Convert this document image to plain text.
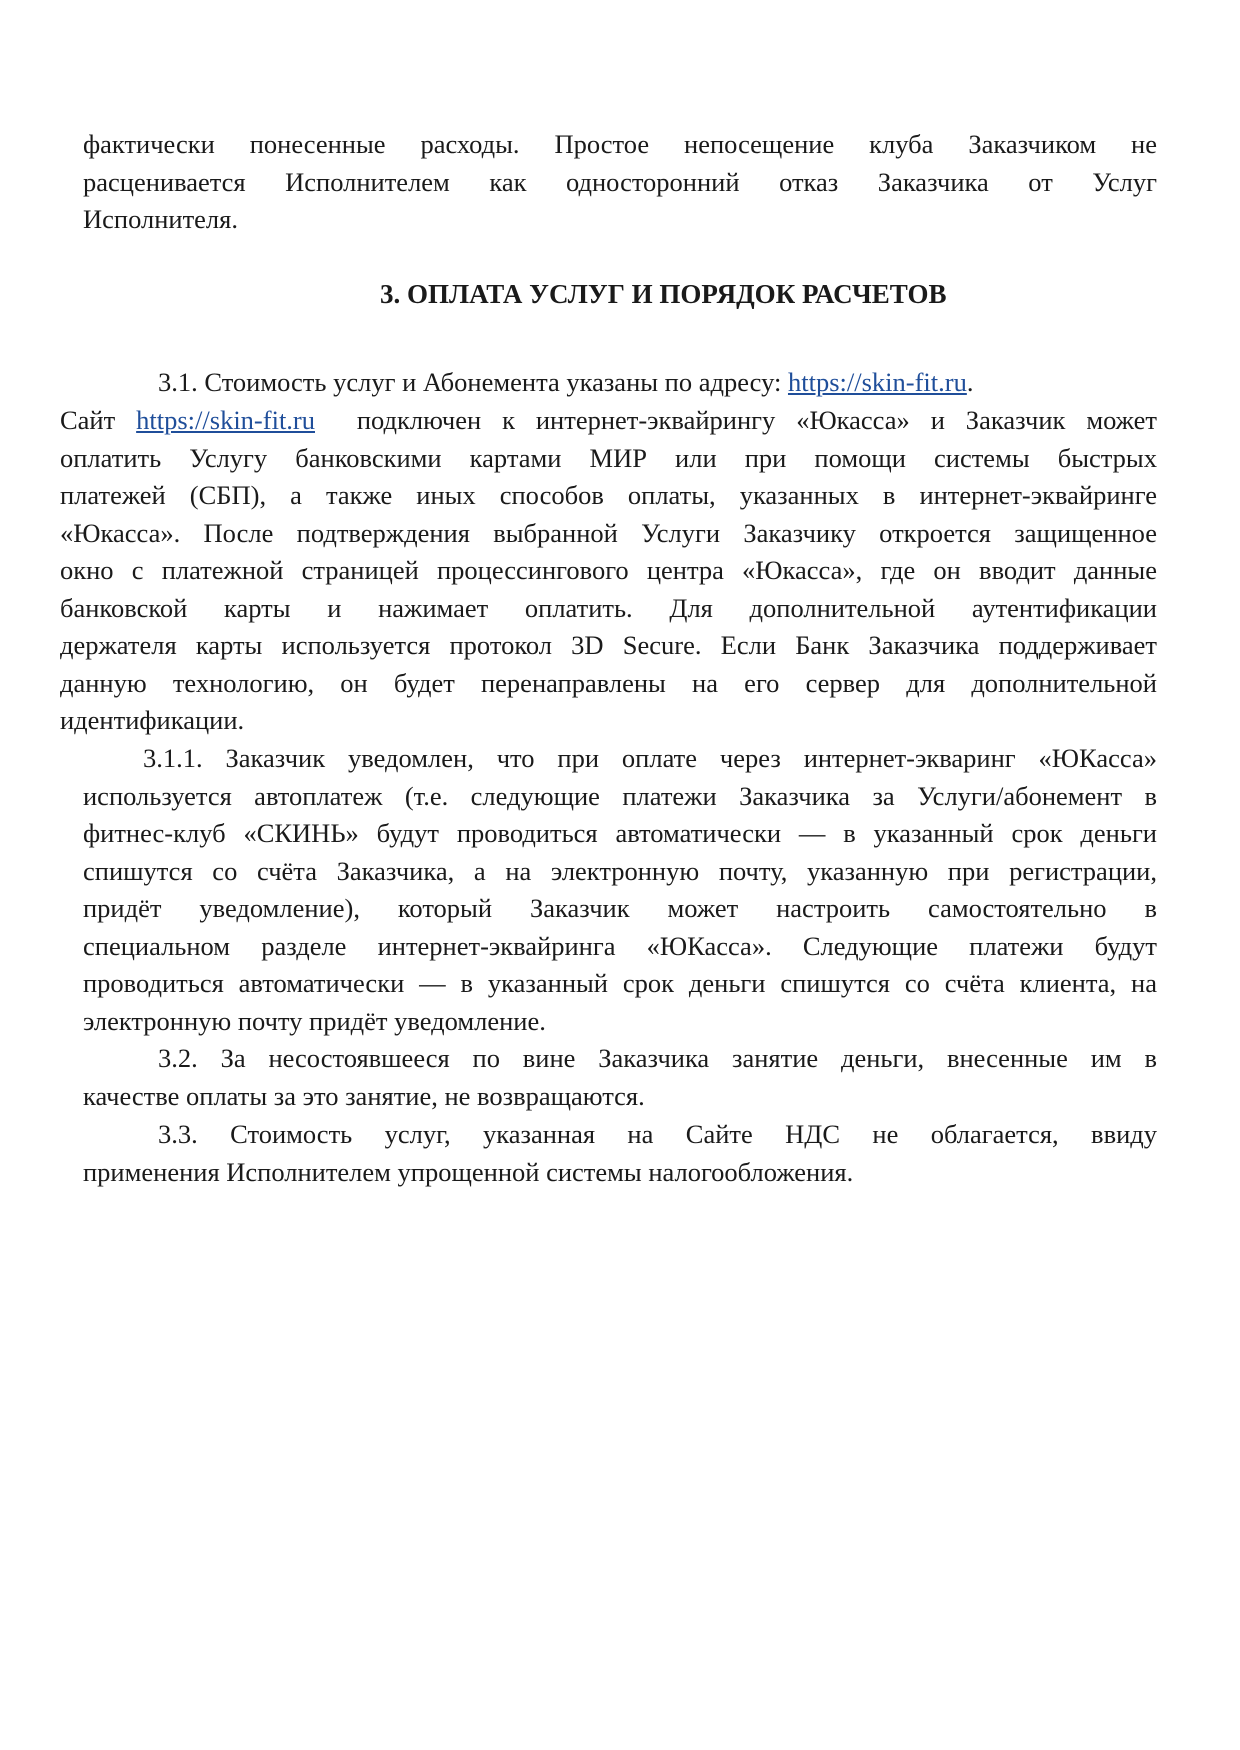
фактически понесенные расходы. Простое непосещение клуба Заказчиком не
расценивается Исполнителем как односторонний отказ Заказчика от Услуг
Исполнителя.
3. ОПЛАТА УСЛУГ И ПОРЯДОК РАСЧЕТОВ
3.1. Стоимость услуг и Абонемента указаны по адресу: https://skin-fit.ru.
Сайт https://skin-fit.ru  подключен к интернет-эквайрингу «Юкасса» и Заказчик может
оплатить Услугу банковскими картами МИР или при помощи системы быстрых
платежей (СБП), а также иных способов оплаты, указанных в интернет-эквайринге
«Юкасса». После подтверждения выбранной Услуги Заказчику откроется защищенное
окно с платежной страницей процессингового центра «Юкасса», где он вводит данные
банковской карты и нажимает оплатить. Для дополнительной аутентификации
держателя карты используется протокол 3D Secure. Если Банк Заказчика поддерживает
данную технологию, он будет перенаправлены на его сервер для дополнительной
идентификации.
3.1.1. Заказчик уведомлен, что при оплате через интернет-экваринг «ЮКасса»
используется автоплатеж (т.е. следующие платежи Заказчика за Услуги/абонемент в
фитнес-клуб «СКИНЬ» будут проводиться автоматически — в указанный срок деньги
спишутся со счёта Заказчика, а на электронную почту, указанную при регистрации,
придёт уведомление), который Заказчик может настроить самостоятельно в
специальном разделе интернет-эквайринга «ЮКасса». Следующие платежи будут
проводиться автоматически — в указанный срок деньги спишутся со счёта клиента, на
электронную почту придёт уведомление.
3.2. За несостоявшееся по вине Заказчика занятие деньги, внесенные им в
качестве оплаты за это занятие, не возвращаются.
3.3. Стоимость услуг, указанная на Сайте НДС не облагается, ввиду
применения Исполнителем упрощенной системы налогообложения.
